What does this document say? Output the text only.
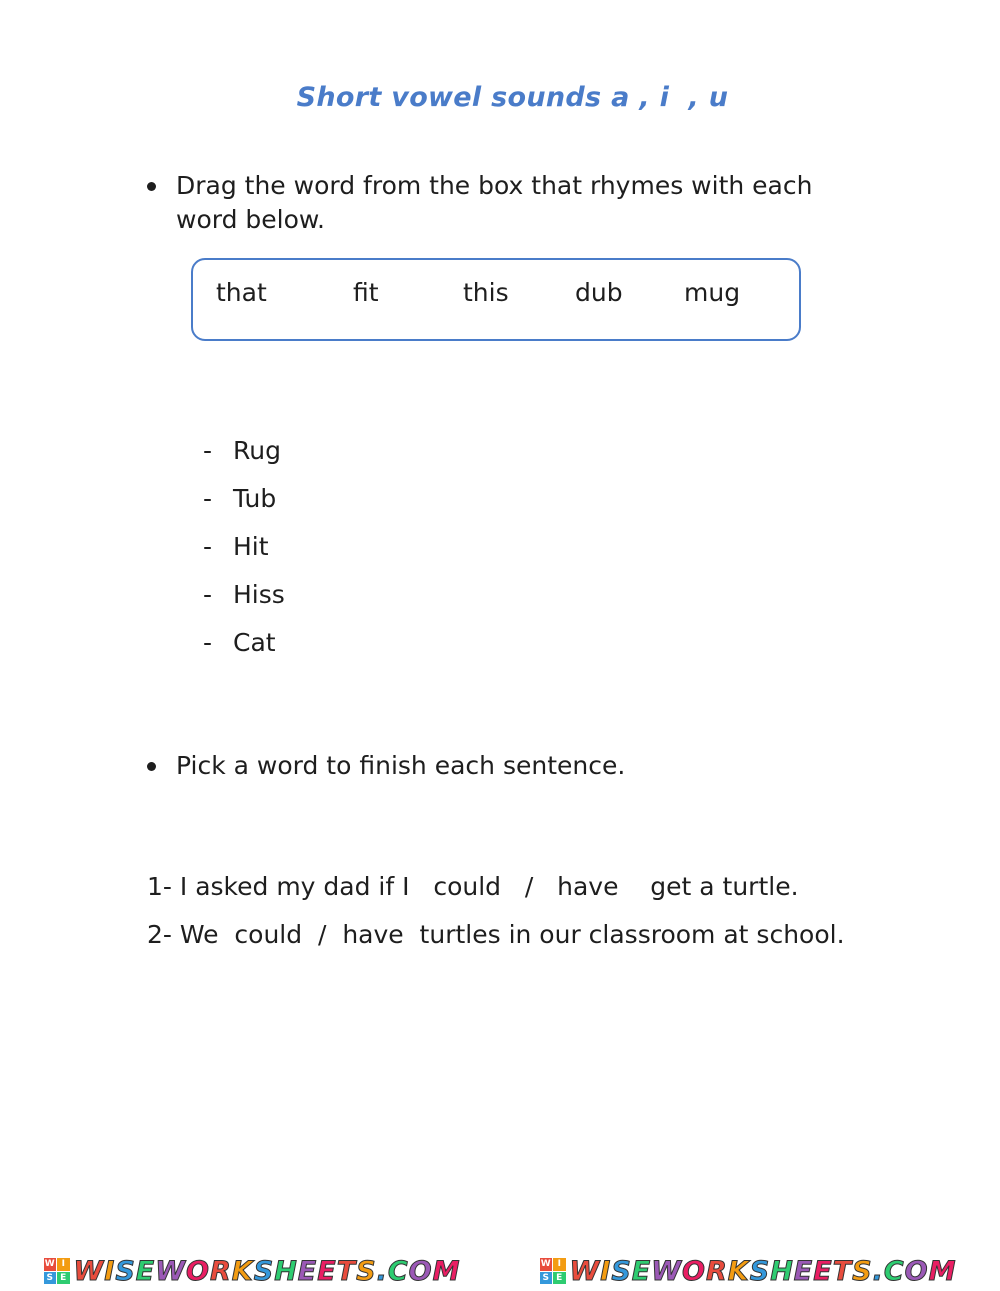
Short vowel sounds a , i  , u
Drag the word from the box that rhymes with each
word below.
that	fit	this	dub mug

-

Rug

-

Tub

-

Hit

-

Hiss

-

Cat

Pick a word to finish each sentence.
1- I asked my dad if I   could   /   have    get a turtle.
2- We  could  /  have  turtles in our classroom at school.
W I
S E WISEWORKSHEETS.COM	W I
S E WISEWORKSHEETS.COM
